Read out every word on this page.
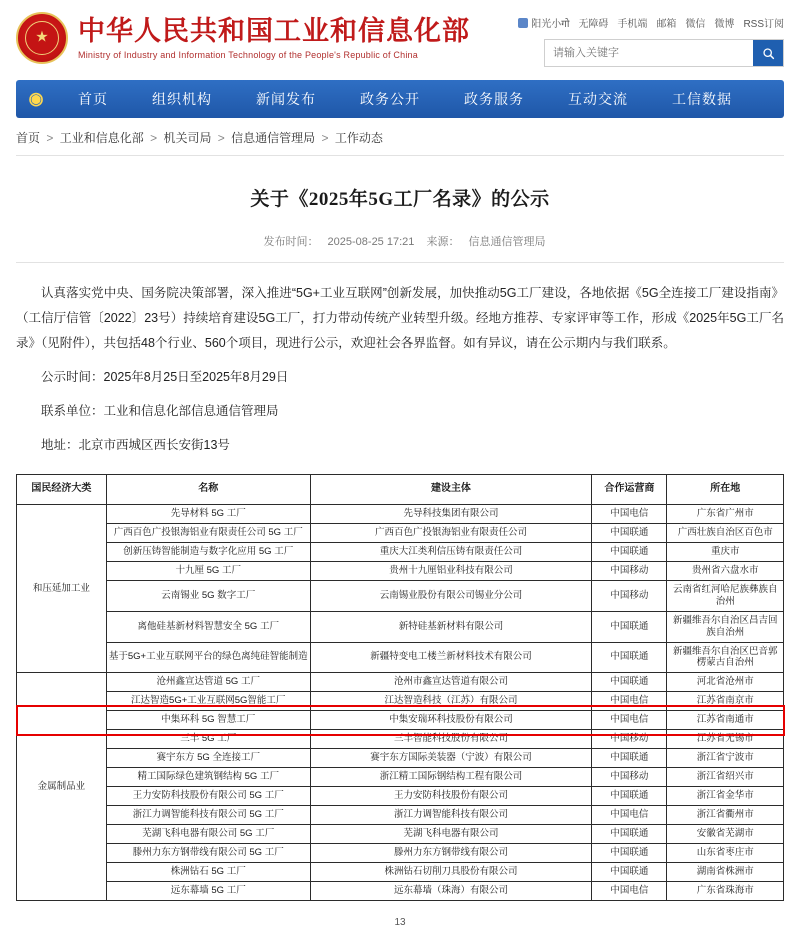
★
中华人民共和国工业和信息化部
Ministry of Industry and Information Technology of the People's Republic of China
阳光小गो 无障碍 手机端 邮箱 微信 微博 RSS订阅
请输入关键字
◉	首页	组织机构	新闻发布	政务公开	政务服务	互动交流	工信数据
首页 > 工业和信息化部 > 机关司局 > 信息通信管理局 > 工作动态
关于《2025年5G工厂名录》的公示
发布时间： 2025-08-25 17:21 来源： 信息通信管理局
认真落实党中央、国务院决策部署，深入推进“5G+工业互联网”创新发展，加快推动5G工厂建设，各地依据《5G全连接工厂建设指南》（工信厅信管〔2022〕23号）持续培育建设5G工厂，打力带动传统产业转型升级。经地方推荐、专家评审等工作，形成《2025年5G工厂名录》（见附件），共包括48个行业、560个项目，现进行公示，欢迎社会各界监督。如有异议，请在公示期内与我们联系。
公示时间：2025年8月25日至2025年8月29日
联系单位：工业和信息化部信息通信管理局
地址：北京市西城区西长安街13号
国民经济大类	名称	建设主体	合作运营商	所在地
和压延加工业	先导材料 5G 工厂	先导科技集团有限公司	中国电信	广东省广州市
	广西百色广投银海铝业有限责任公司 5G 工厂	广西百色广投银海铝业有限责任公司	中国联通	广西壮族自治区百色市
	创新压铸智能制造与数字化应用 5G 工厂	重庆大江类利信压铸有限责任公司	中国联通	重庆市
	十九厘 5G 工厂	贵州十九厘铝业科技有限公司	中国移动	贵州省六盘水市
	云南锡业 5G 数字工厂	云南锡业股份有限公司锡业分公司	中国移动	云南省红河哈尼族彝族自治州
	离他硅基新材料智慧安全 5G 工厂	新特硅基新材料有限公司	中国联通	新疆维吾尔自治区昌吉回族自治州
	基于5G+工业互联网平台的绿色离纯硅智能制造	新疆特变电工楼兰新材料技术有限公司	中国联通	新疆维吾尔自治区巴音郭楞蒙古自治州
金属制品业	沧州鑫宣达管道 5G 工厂	沧州市鑫宣达管道有限公司	中国联通	河北省沧州市
	江达智造5G+工业互联网5G智能工厂	江达智造科技（江苏）有限公司	中国电信	江苏省南京市
	中集环科 5G 智慧工厂	中集安瑞环科技股份有限公司	中国电信	江苏省南通市
	三丰 5G 工厂	三丰智能科技股份有限公司	中国移动	江苏省无锡市
	赛宇东方 5G 全连接工厂	赛宇东方国际美装器（宁波）有限公司	中国联通	浙江省宁波市
	精工国际绿色建筑钢结构 5G 工厂	浙江精工国际钢结构工程有限公司	中国移动	浙江省绍兴市
	王力安防科技股份有限公司 5G 工厂	王力安防科技股份有限公司	中国联通	浙江省金华市
	浙江力调智能科技有限公司 5G 工厂	浙江力调智能科技有限公司	中国电信	浙江省衢州市
	芜湖飞科电器有限公司 5G 工厂	芜湖飞科电器有限公司	中国联通	安徽省芜湖市
	滕州力东方钢带线有限公司 5G 工厂	滕州力东方钢带线有限公司	中国联通	山东省枣庄市
	株洲钻石 5G 工厂	株洲钻石切削刀具股份有限公司	中国联通	湖南省株洲市
	远东幕墙 5G 工厂	远东幕墙（珠海）有限公司	中国电信	广东省珠海市
13
